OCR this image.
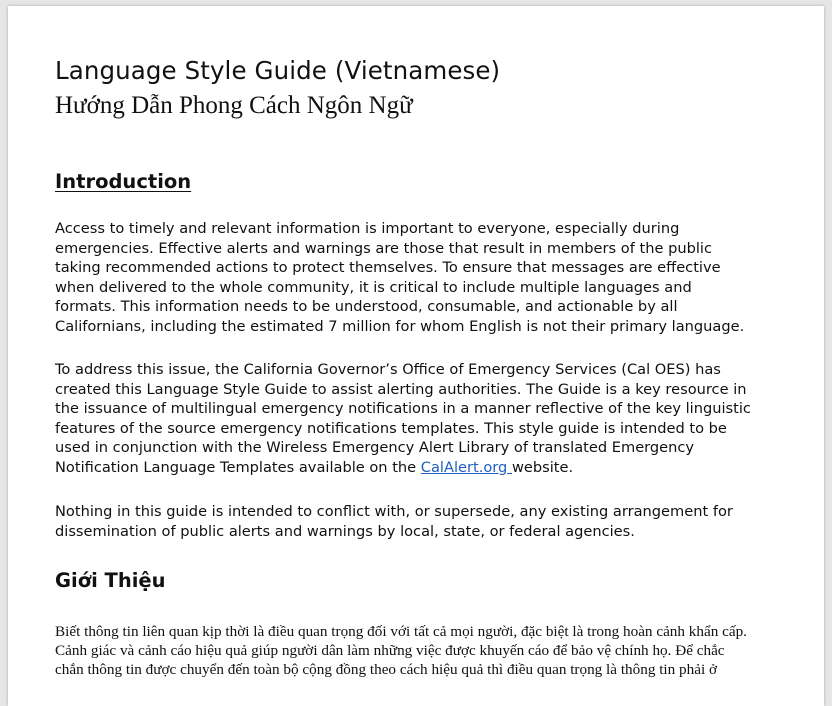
Language Style Guide (Vietnamese)
Hướng Dẫn Phong Cách Ngôn Ngữ
Introduction

Access to timely and relevant information is important to everyone, especially during
emergencies. Effective alerts and warnings are those that result in members of the public
taking recommended actions to protect themselves. To ensure that messages are effective
when delivered to the whole community, it is critical to include multiple languages and
formats. This information needs to be understood, consumable, and actionable by all
Californians, including the estimated 7 million for whom English is not their primary language.

To address this issue, the California Governor’s Office of Emergency Services (Cal OES) has
created this Language Style Guide to assist alerting authorities. The Guide is a key resource in
the issuance of multilingual emergency notifications in a manner reflective of the key linguistic
features of the source emergency notifications templates. This style guide is intended to be
used in conjunction with the Wireless Emergency Alert Library of translated Emergency
Notification Language Templates available on the CalAlert.org website.

Nothing in this guide is intended to conflict with, or supersede, any existing arrangement for
dissemination of public alerts and warnings by local, state, or federal agencies.

Giới Thiệu

Biết thông tin liên quan kịp thời là điều quan trọng đối với tất cả mọi người, đặc biệt là trong hoàn cảnh khẩn cấp.
Cảnh giác và cảnh cáo hiệu quả giúp người dân làm những việc được khuyến cáo để bảo vệ chính họ. Để chắc
chắn thông tin được chuyển đến toàn bộ cộng đồng theo cách hiệu quả thì điều quan trọng là thông tin phải ở
